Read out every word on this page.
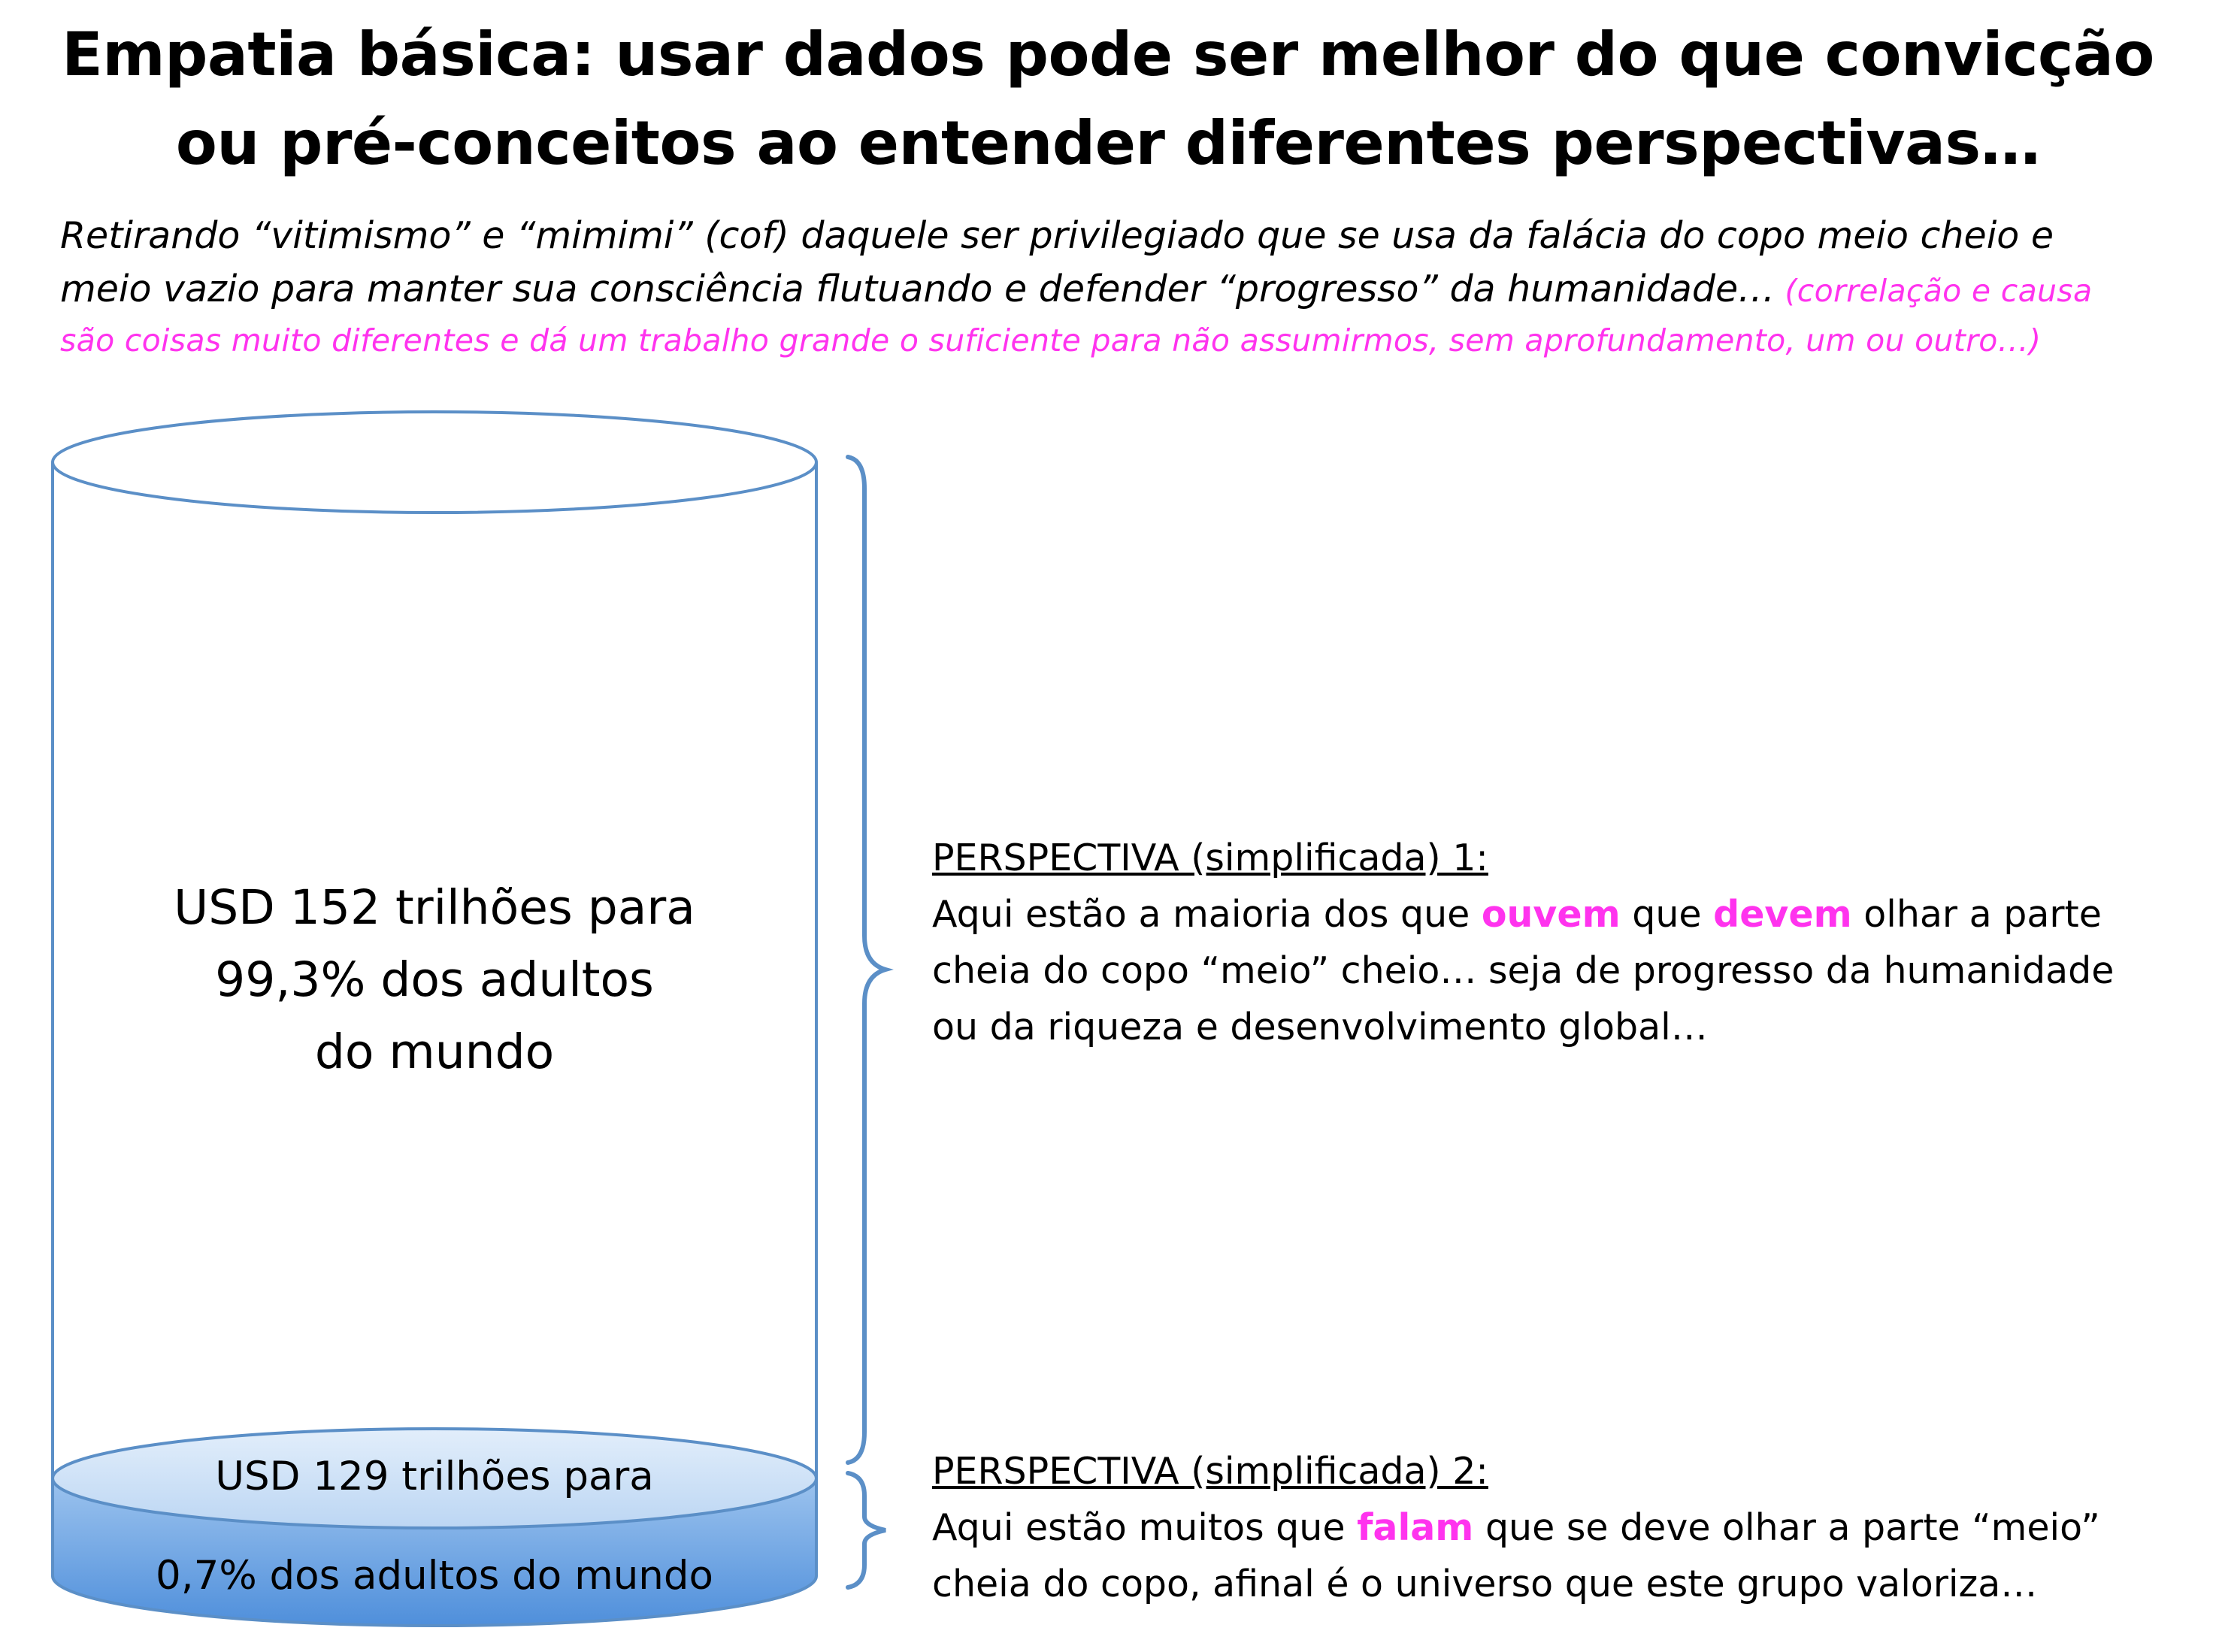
Empatia básica: usar dados pode ser melhor do que convicção
ou pré-conceitos ao entender diferentes perspectivas…
Retirando “vitimismo” e “mimimi” (cof) daquele ser privilegiado que se usa da falácia do copo meio cheio e
meio vazio para manter sua consciência flutuando e defender “progresso” da humanidade… (correlação e causa
são coisas muito diferentes e dá um trabalho grande o suficiente para não assumirmos, sem aprofundamento, um ou outro…)
USD 152 trilhões para
99,3% dos adultos
do mundo
USD 129 trilhões para
0,7% dos adultos do mundo
PERSPECTIVA (simplificada) 1:
Aqui estão a maioria dos que ouvem que devem olhar a parte
cheia do copo “meio” cheio… seja de progresso da humanidade
ou da riqueza e desenvolvimento global…
PERSPECTIVA (simplificada) 2:
Aqui estão muitos que falam que se deve olhar a parte “meio”
cheia do copo, afinal é o universo que este grupo valoriza…
